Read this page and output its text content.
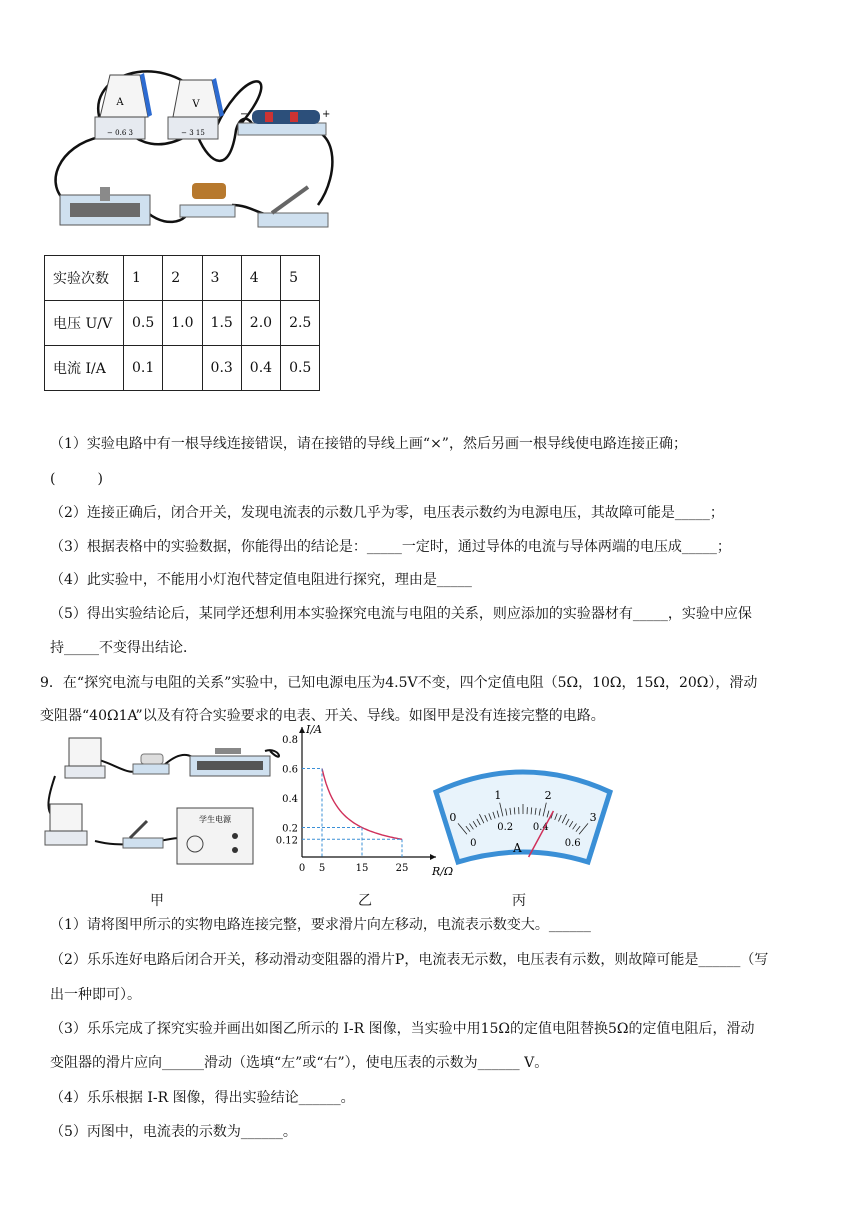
A
− 0.6 3
V
− 3 15
−	+
实验次数	1	2	3	4	5
电压 U/V	0.5	1.0	1.5	2.0	2.5
电流 I/A	0.1		0.3	0.4	0.5
（1）实验电路中有一根导线连接错误，请在接错的导线上画“×”，然后另画一根导线使电路连接正确；
(　　　)
（2）连接正确后，闭合开关，发现电流表的示数几乎为零，电压表示数约为电源电压，其故障可能是_____；
（3）根据表格中的实验数据，你能得出的结论是：_____一定时，通过导体的电流与导体两端的电压成_____；
（4）此实验中，不能用小灯泡代替定值电阻进行探究，理由是_____
（5）得出实验结论后，某同学还想利用本实验探究电流与电阻的关系，则应添加的实验器材有_____，实验中应保
持_____不变得出结论．
9．在“探究电流与电阻的关系”实验中，已知电源电压为4.5V不变，四个定值电阻（5Ω，10Ω，15Ω，20Ω），滑动
变阻器“40Ω1A”以及有符合实验要求的电表、开关、导线。如图甲是没有连接完整的电路。
学生电源
甲
I/A
R/Ω
0 5	15	25
0.12
0.2
0.4
0.6
0.8
乙
0
1	2
3
0
0.2 0.4
0.6
A
丙
（1）请将图甲所示的实物电路连接完整，要求滑片向左移动，电流表示数变大。______
（2）乐乐连好电路后闭合开关，移动滑动变阻器的滑片P，电流表无示数，电压表有示数，则故障可能是______（写
出一种即可）。
（3）乐乐完成了探究实验并画出如图乙所示的 I-R 图像，当实验中用15Ω的定值电阻替换5Ω的定值电阻后，滑动
变阻器的滑片应向______滑动（选填“左”或“右”），使电压表的示数为______ V。
（4）乐乐根据 I-R 图像，得出实验结论______。
（5）丙图中，电流表的示数为______。
